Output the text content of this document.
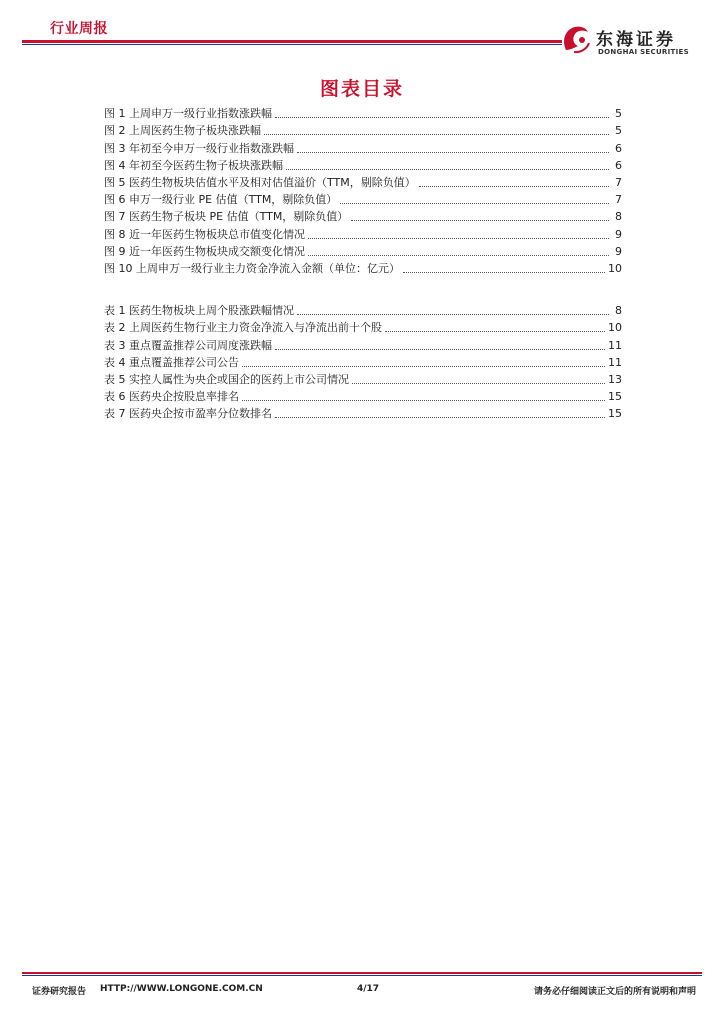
行业周报
东海证券
DONGHAI SECURITIES
图表目录
图 1 上周申万一级行业指数涨跌幅	5
图 2 上周医药生物子板块涨跌幅	5
图 3 年初至今申万一级行业指数涨跌幅	6
图 4 年初至今医药生物子板块涨跌幅	6
图 5 医药生物板块估值水平及相对估值溢价（TTM，剔除负值）	7
图 6 申万一级行业 PE 估值（TTM，剔除负值）	7
图 7 医药生物子板块 PE 估值（TTM，剔除负值）	8
图 8 近一年医药生物板块总市值变化情况	9
图 9 近一年医药生物板块成交额变化情况	9
图 10 上周申万一级行业主力资金净流入金额（单位：亿元）	10
表 1 医药生物板块上周个股涨跌幅情况	8
表 2 上周医药生物行业主力资金净流入与净流出前十个股	10
表 3 重点覆盖推荐公司周度涨跌幅	11
表 4 重点覆盖推荐公司公告	11
表 5 实控人属性为央企或国企的医药上市公司情况	13
表 6 医药央企按股息率排名	15
表 7 医药央企按市盈率分位数排名	15
证券研究报告 HTTP://WWW.LONGONE.COM.CN	4/17	请务必仔细阅读正文后的所有说明和声明
